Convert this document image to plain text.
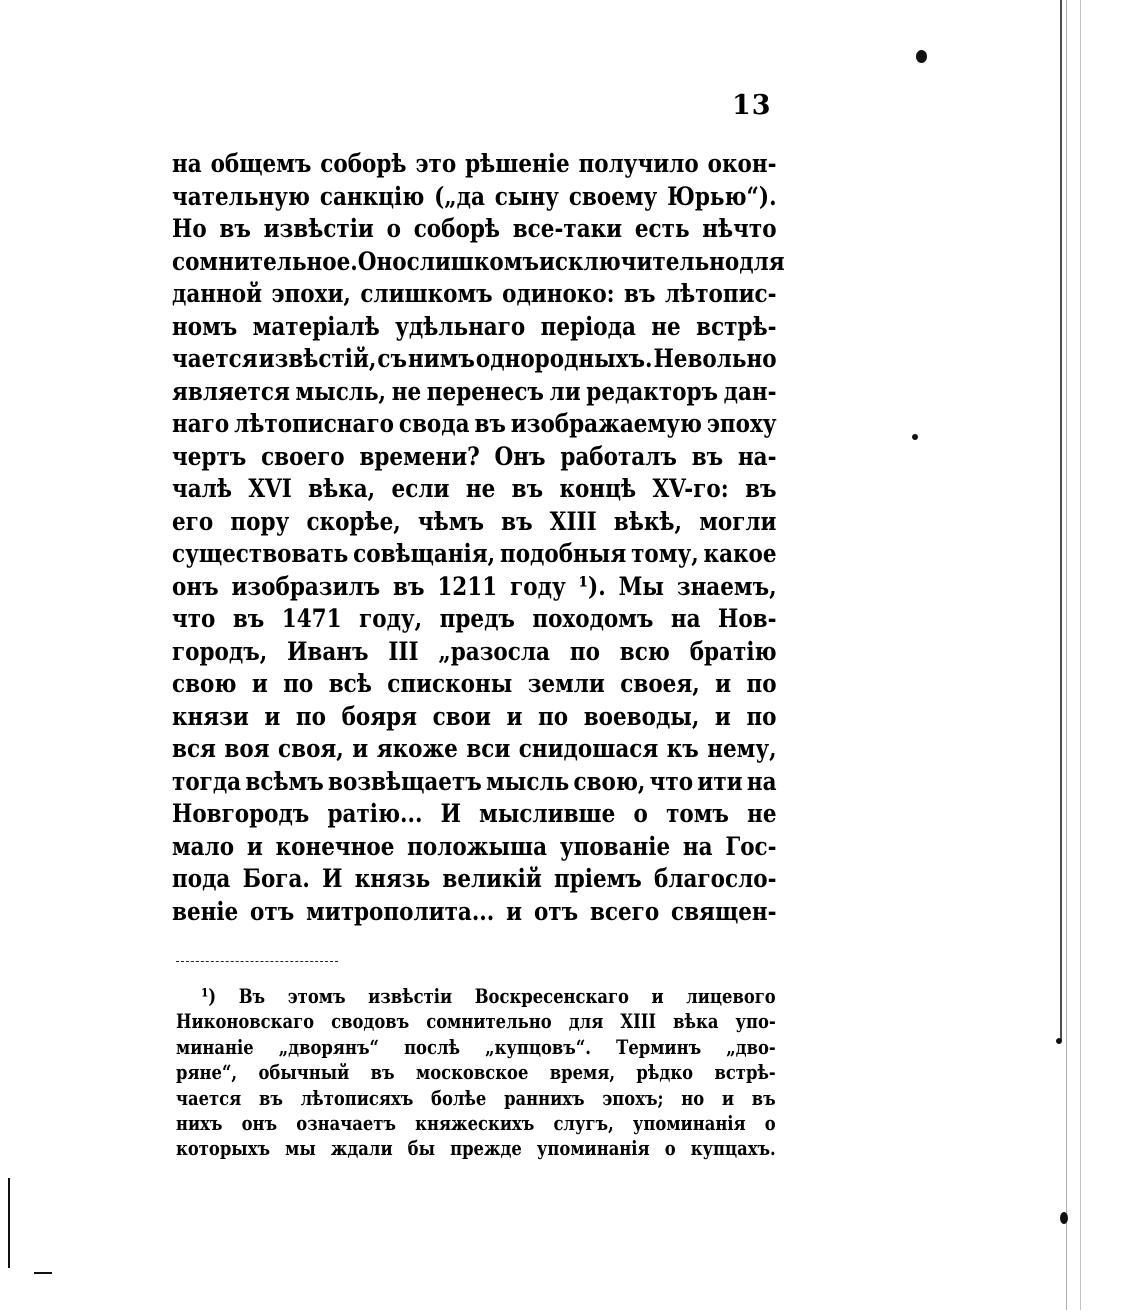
13
на общемъ соборѣ это рѣшеніе получило окон-
чательную санкцію („да сыну своему Юрью“).
Но въ извѣстіи о соборѣ все-таки есть нѣчто
сомнительное. Оно слишкомъ исключительно для
данной эпохи, слишкомъ одиноко: въ лѣтопис-
номъ матеріалѣ удѣльнаго періода не встрѣ-
чается извѣстій, съ нимъ однородныхъ. Невольно
является мысль, не перенесъ ли редакторъ дан-
наго лѣтописнаго свода въ изображаемую эпоху
чертъ своего времени? Онъ работалъ въ на-
чалѣ XVI вѣка, если не въ концѣ XV-го: въ
его пору скорѣе, чѣмъ въ XIII вѣкѣ, могли
существовать совѣщанія, подобныя тому, какое
онъ изобразилъ въ 1211 году ¹). Мы знаемъ,
что въ 1471 году, предъ походомъ на Нов-
городъ, Иванъ III „разосла по всю братію
свою и по всѣ списконы земли своея, и по
князи и по бояря свои и по воеводы, и по
вся воя своя, и якоже вси снидошася къ нему,
тогда всѣмъ возвѣщаетъ мысль свою, что ити на
Новгородъ ратію... И мысливше о томъ не
мало и конечное положыша упованіе на Гос-
пода Бога. И князь великій пріемъ благосло-
веніе отъ митрополита... и отъ всего священ-
¹) Въ этомъ извѣстіи Воскресенскаго и лицевого
Никоновскаго сводовъ сомнительно для XIII вѣка упо-
минаніе „дворянъ“ послѣ „купцовъ“. Терминъ „дво-
ряне“, обычный въ московское время, рѣдко встрѣ-
чается въ лѣтописяхъ болѣе раннихъ эпохъ; но и въ
нихъ онъ означаетъ княжескихъ слугъ, упоминанія о
которыхъ мы ждали бы прежде упоминанія о купцахъ.
